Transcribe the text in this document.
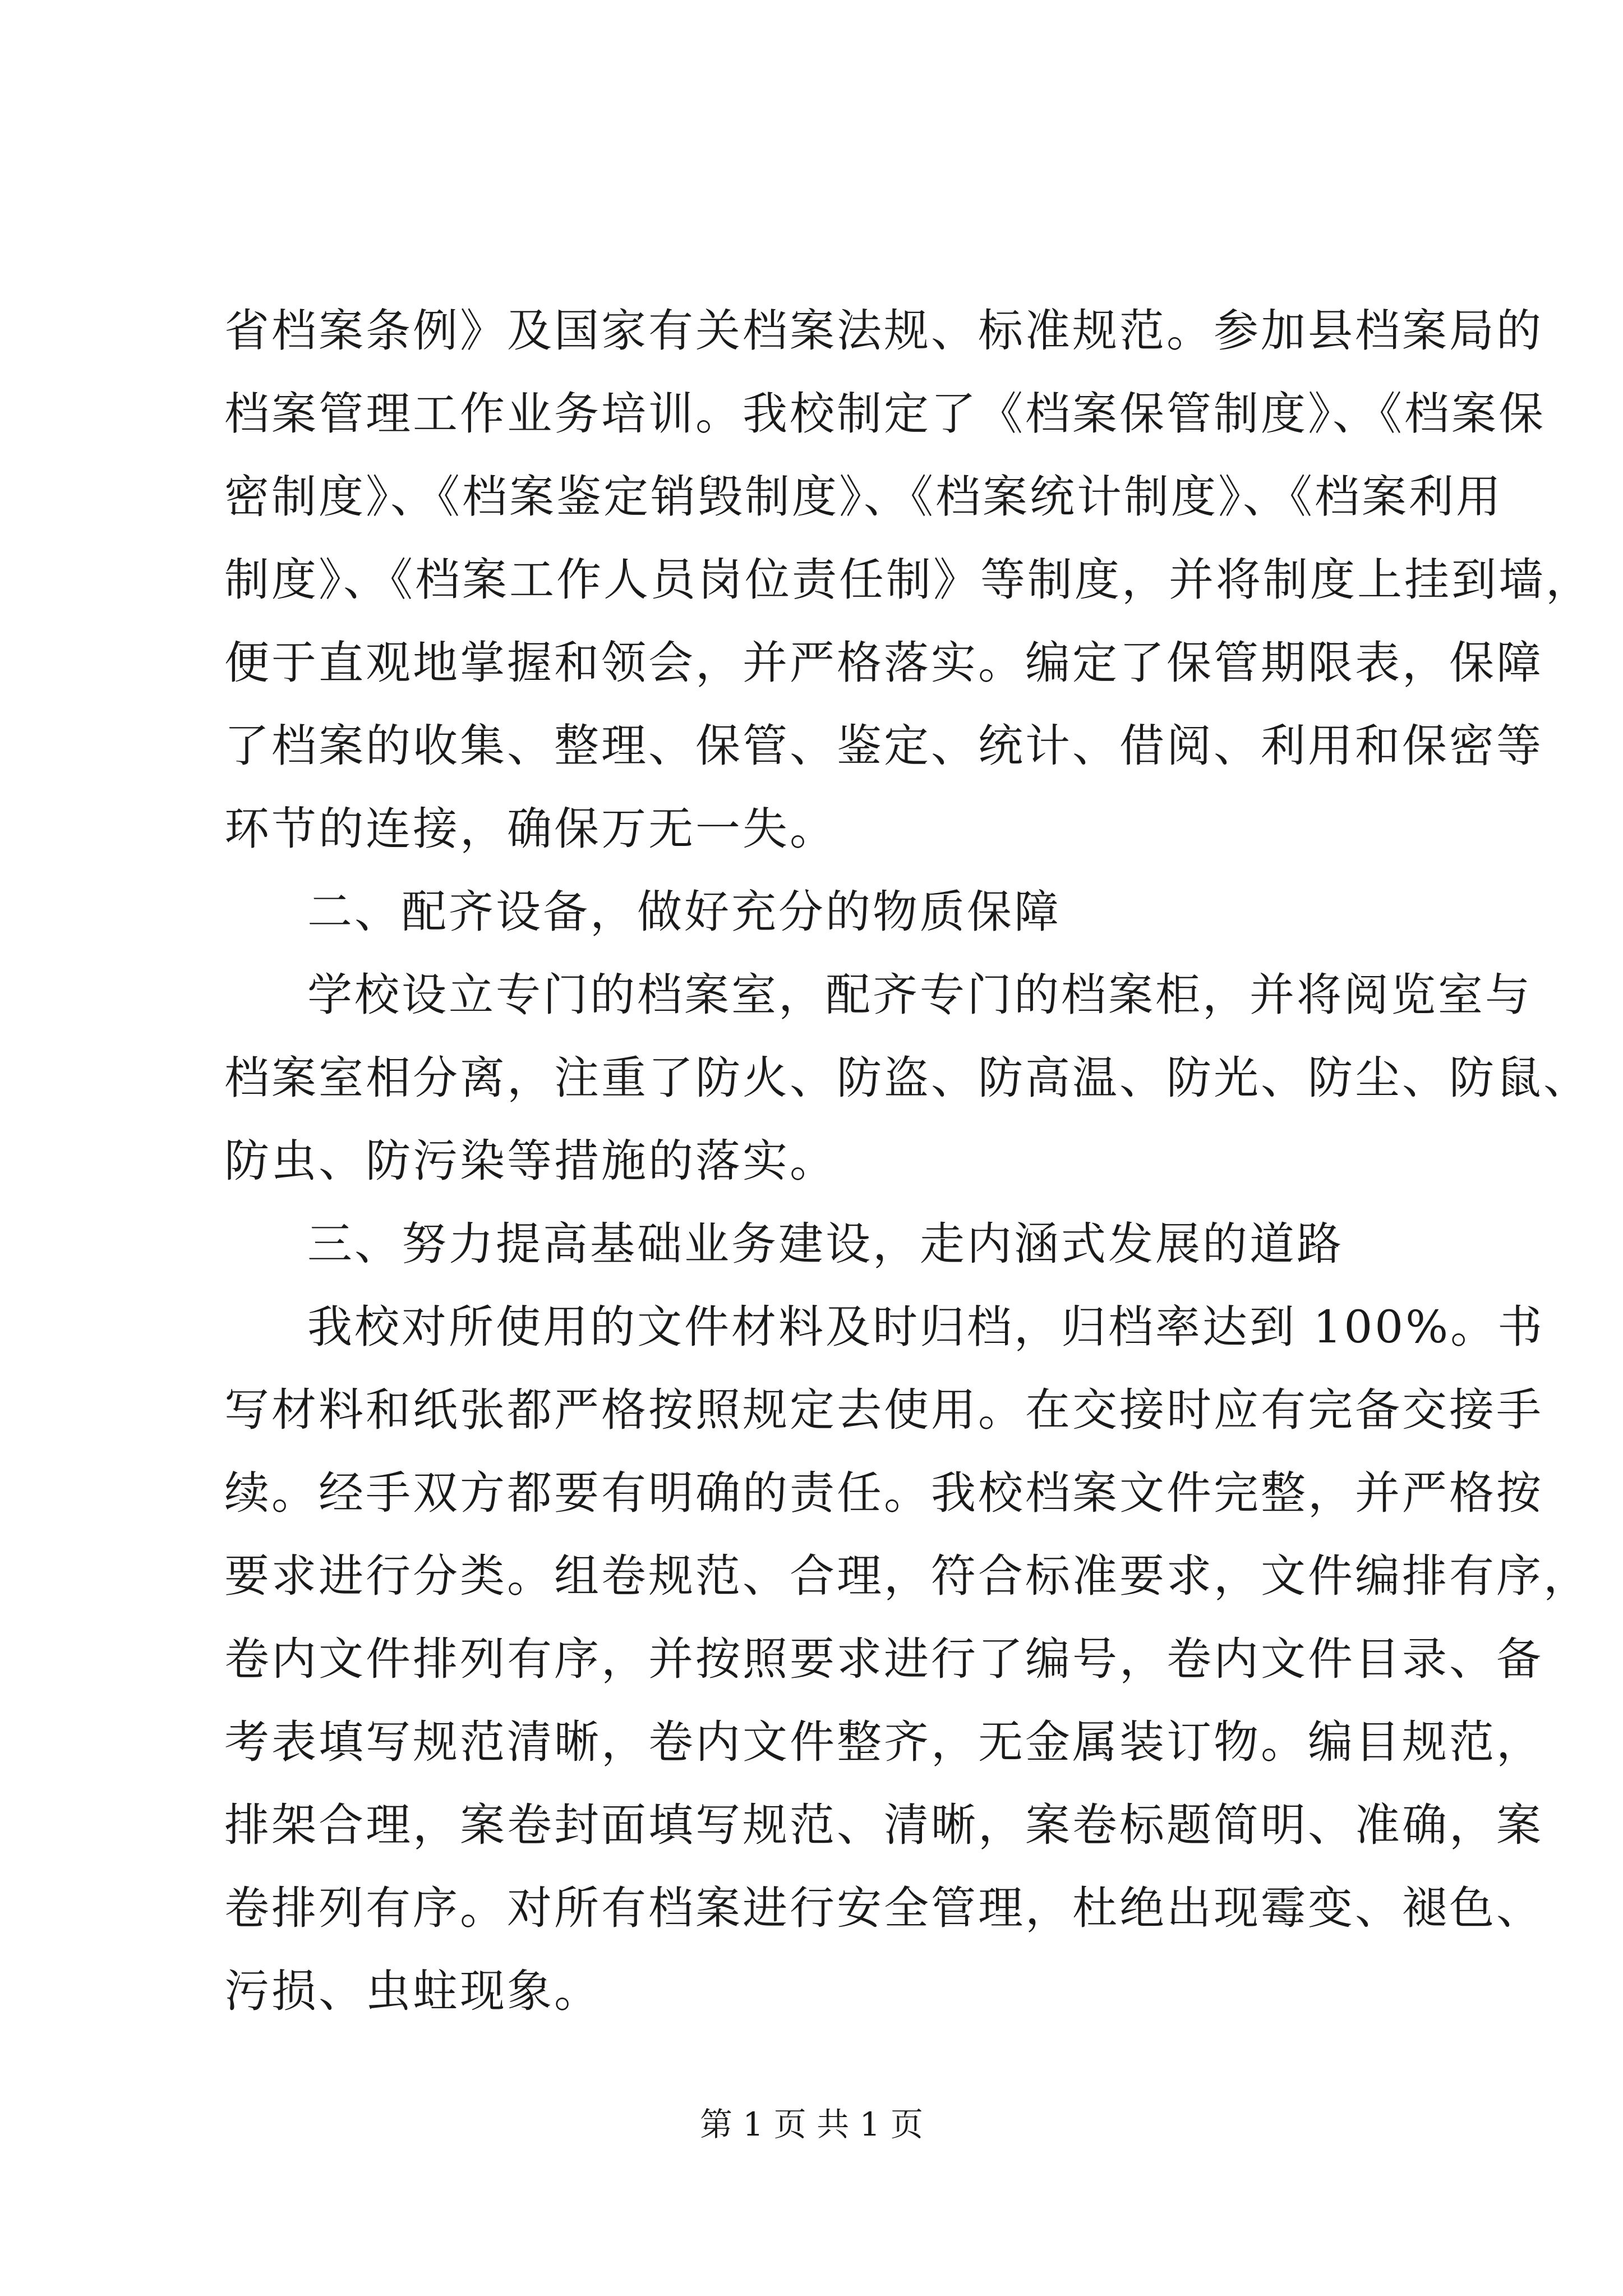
省档案条例》及国家有关档案法规、标准规范。参加县档案局的
档案管理工作业务培训。我校制定了《档案保管制度》、《档案保
密制度》、《档案鉴定销毁制度》、《档案统计制度》、《档案利用
制度》、《档案工作人员岗位责任制》等制度，并将制度上挂到墙，
便于直观地掌握和领会，并严格落实。编定了保管期限表，保障
了档案的收集、整理、保管、鉴定、统计、借阅、利用和保密等
环节的连接，确保万无一失。
二、配齐设备，做好充分的物质保障
学校设立专门的档案室，配齐专门的档案柜，并将阅览室与
档案室相分离，注重了防火、防盗、防高温、防光、防尘、防鼠、
防虫、防污染等措施的落实。
三、努力提高基础业务建设，走内涵式发展的道路
我校对所使用的文件材料及时归档，归档率达到 100%。书
写材料和纸张都严格按照规定去使用。在交接时应有完备交接手
续。经手双方都要有明确的责任。我校档案文件完整，并严格按
要求进行分类。组卷规范、合理，符合标准要求，文件编排有序，
卷内文件排列有序，并按照要求进行了编号，卷内文件目录、备
考表填写规范清晰，卷内文件整齐，无金属装订物。编目规范，
排架合理，案卷封面填写规范、清晰，案卷标题简明、准确，案
卷排列有序。对所有档案进行安全管理，杜绝出现霉变、褪色、
污损、虫蛀现象。
第 1 页 共 1 页
